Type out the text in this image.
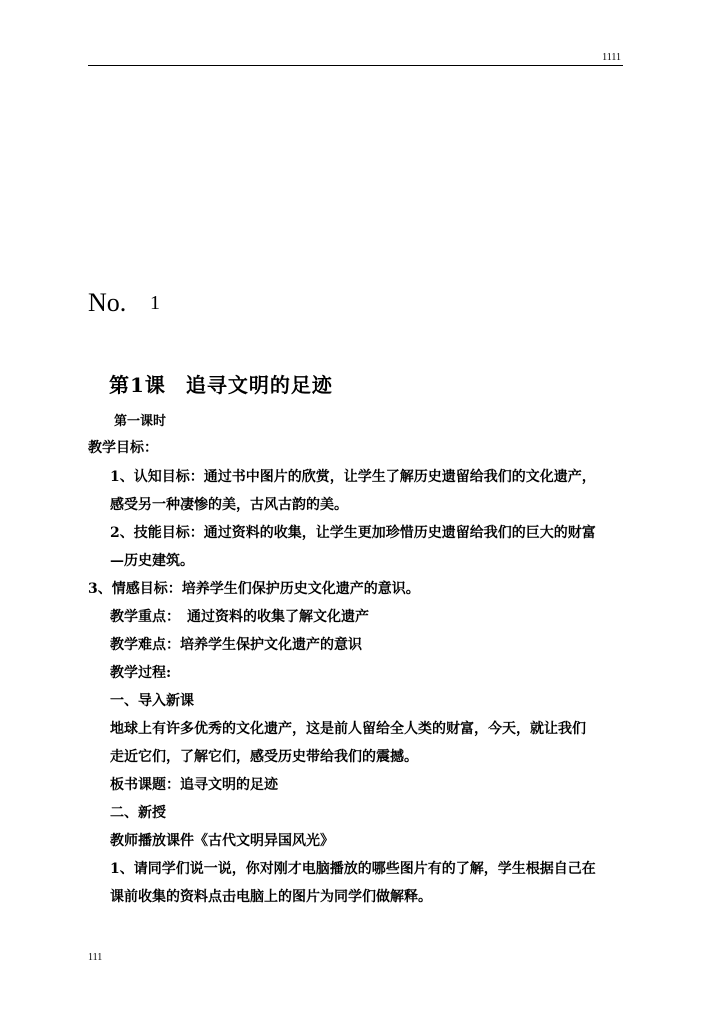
1111
No. 1
第1课 追寻文明的足迹
第一课时
教学目标：
1、认知目标：通过书中图片的欣赏，让学生了解历史遗留给我们的文化遗产，
感受另一种凄惨的美，古风古韵的美。
2、技能目标：通过资料的收集，让学生更加珍惜历史遗留给我们的巨大的财富
—历史建筑。
3、情感目标：培养学生们保护历史文化遗产的意识。
教学重点：　通过资料的收集了解文化遗产
教学难点：培养学生保护文化遗产的意识
教学过程:
一、导入新课
地球上有许多优秀的文化遗产，这是前人留给全人类的财富，今天，就让我们
走近它们，了解它们，感受历史带给我们的震撼。
板书课题：追寻文明的足迹
二、新授
教师播放课件《古代文明异国风光》
1、请同学们说一说，你对刚才电脑播放的哪些图片有的了解，学生根据自己在
课前收集的资料点击电脑上的图片为同学们做解释。
111
